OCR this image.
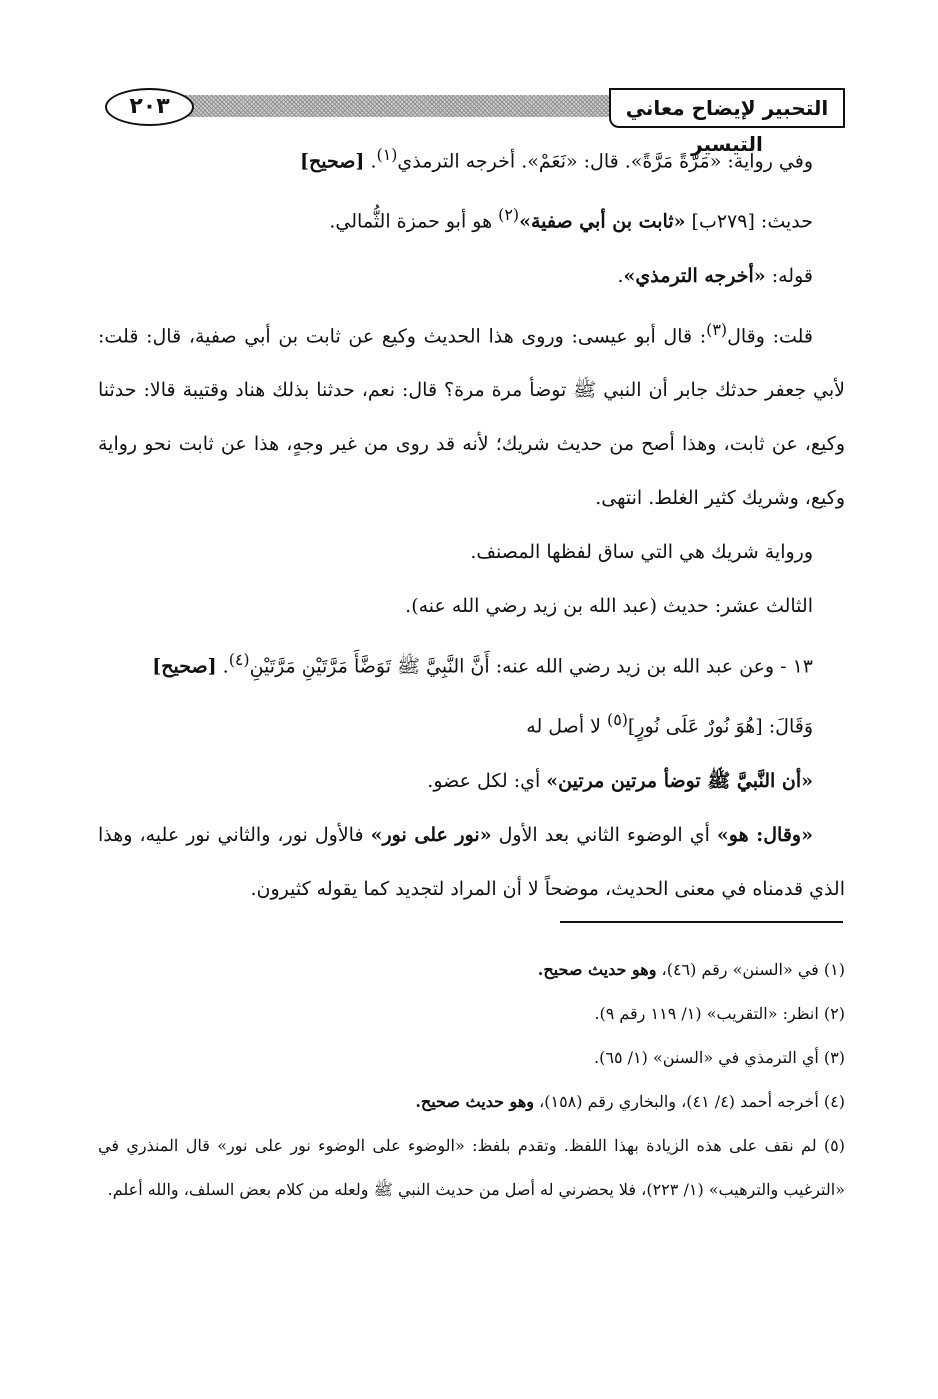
٢٠٣	التحبير لإيضاح معاني التيسير

وفي رواية: «مَرَّةً مَرَّةً». قال: «نَعَمْ». أخرجه الترمذي$^{(١)}$. [صحيح]

حديث: [٢٧٩ب] «ثابت بن أبي صفية»$^{(٢)}$ هو أبو حمزة الثُّمالي.

قوله: «أخرجه الترمذي».

قلت: وقال$^{(٣)}$: قال أبو عيسى: وروى هذا الحديث وكيع عن ثابت بن أبي صفية، قال: قلت: لأبي جعفر حدثك جابر أن النبي ﷺ توضأ مرة مرة؟ قال: نعم، حدثنا بذلك هناد وقتيبة قالا: حدثنا وكيع، عن ثابت، وهذا أصح من حديث شريك؛ لأنه قد روى من غير وجهٍ، هذا عن ثابت نحو رواية وكيع، وشريك كثير الغلط. انتهى.

ورواية شريك هي التي ساق لفظها المصنف.

الثالث عشر: حديث (عبد الله بن زيد رضي الله عنه).

١٣ - وعن عبد الله بن زيد رضي الله عنه: أَنَّ النَّبِيَّ ﷺ تَوَضَّأَ مَرَّتَيْنِ مَرَّتَيْنِ$^{(٤)}$. [صحيح]

وَقَالَ: [هُوَ نُورٌ عَلَى نُورٍ]$^{(٥)}$ لا أصل له

«أن النَّبيَّ ﷺ توضأ مرتين مرتين» أي: لكل عضو.

«وقال: هو» أي الوضوء الثاني بعد الأول «نور على نور» فالأول نور، والثاني نور عليه، وهذا الذي قدمناه في معنى الحديث، موضحاً لا أن المراد لتجديد كما يقوله كثيرون.

(١) في «السنن» رقم (٤٦)، وهو حديث صحيح.

(٢) انظر: «التقريب» (١/ ١١٩ رقم ٩).

(٣) أي الترمذي في «السنن» (١/ ٦٥).

(٤) أخرجه أحمد (٤/ ٤١)، والبخاري رقم (١٥٨)، وهو حديث صحيح.

(٥) لم نقف على هذه الزيادة بهذا اللفظ. وتقدم بلفظ: «الوضوء على الوضوء نور على نور» قال المنذري في «الترغيب والترهيب» (١/ ٢٢٣)، فلا يحضرني له أصل من حديث النبي ﷺ ولعله من كلام بعض السلف، والله أعلم.
